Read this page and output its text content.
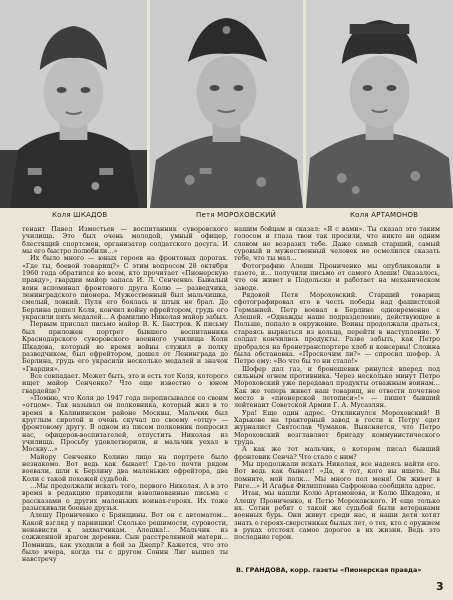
Коля ШКАДОВ	Петя МОРОХОВСКИЙ	Коля АРТАМОНОВ

тенант Павел Изместьев — воспитанник суворовского училища. Это был очень молодой, умный офицер, блестящий спортсмен, организатор солдатского досуга. И мы его быстро полюбили…»

Их было много — юных героев на фронтовых дорогах. «Где ты, боевой товарищ?» С этим вопросом 28 октября 1960 года обратился ко всем, кто прочитает «Пионерскую правду», гвардии майор запаса И. Л. Сенченко. Бывалый воин вспоминал фронтового друга Колю — разведчика, ленинградского пионера. Мужественный был мальчишка, смелый, ловкий. Пуля его боялась и штык не брал. До Берлина дошел Коля, кончил войну ефрейтором, грудь его украсили пять медалей… А фамилию Николая майор забыл.

Первым прислал письмо майор В. К. Быстров. К письму был приложен портрет бывшего воспитанника Краснодарского суворовского военного училища Коли Шкадова, который во время войны служил в полку разведчиком, был ефрейтором, дошел от Ленинграда до Берлина, грудь его украсили несколько медалей и значок «Гвардия».

Все совпадает. Может быть, это и есть тот Коля, которого ищет майор Сенченко? Что еще известно о юном гвардейце?

«Помню, что Коля до 1947 года переписывался со своим «отцом». Так называл он полковника, который жил в то время в Калининском районе Москвы. Мальчик был круглым сиротой и очень скучал по своему «отцу» — фронтовому другу. В одном из писем полковник попросил нас, офицеров-воспитателей, отпустить Николая из училища. Просьбу удовлетворили, и мальчик уехал в Москву…»

Майору Сенченко Колино лицо на портрете было незнакомо. Вот ведь как бывает! Где-то почти рядом воевали, шли к Берлину два маленьких ефрейтора, два Коли с такой похожей судьбой.

…Мы продолжали искать того, первого Николая. А в это время в редакцию приходили взволнованные письма с рассказами о других маленьких воинах-героях. Их тоже разыскивали боевые друзья.

Алешу Прониченко с Брянщины. Вот он с автоматом… Какой взгляд у парнишки! Сколько решимости, суровости, ненависти к захватчикам. Алешка!.. Мальчик из сожженной врагом деревни. Сын расстрелянной матери… Помнишь, как уходили в бой за Днепр? Кажется, что это было вчера, когда ты с другом Сонин Лиг вышел ты навстречу

нашим бойцам и сказал: «Я с вами». Ты сказал это таким голосом и глаза твои так просили, что никто ни одним словом не возразил тебе. Даже самый старший, самый суровый и мужественный человек не осмелился сказать тебе, что ты мал…

Фотографию Алеши Прониченко мы опубликовали в газете, и… получили письмо от самого Алеши! Оказалось, что он живет в Подольске и работает на механическом заводе.

Рядовой Петя Мороховский. Старший товарищ сфотографировал его в честь победы над фашистской Германией. Петр воевал в Берлине одновременно с Алешей. «Однажды наше подразделение, действующее в Польше, попало в окружение. Воины продолжали драться, стараясь вырваться из кольца, перейти в наступление. У солдат кончились продукты. Разве забыть, как Петро пробрался на бронетранспортере хлеб и консервы! Сложна была обстановка. «Проскочим ли?» — спросил шофер. А Петро ему: «Во что бы то ни стало!»

Шофер дал газ, и бронешевик ринулся вперед под сильным огнем противника. Через несколько минут Петро Мороховский уже передавал продукты отважным воинам… Как же теперь живет наш товарищ, не отвести почетное место в «пионерской летописи»!» — пишет бывший лейтенант Советской Армии Г. А. Мусаэлян.

Ура! Еще один адрес. Откликнулся Мороховский! В Харькове на тракторный завод в гости к Петру едет журналист Святослав Чумаков. Выясняется, что Петро Мороховский возглавляет бригаду коммунистического труда.

А как же тот мальчик, о котором писал бывший фронтовик Сенча? Что стало с ним?

Мы продолжали искать Николая, все надеясь найти его. Вот ведь как бывает! «Да, я тот, кого вы ищете. Вы помните, мой полк… Мы много пел меня! Он живет в Риге…» И Агафья Филипповна Сафронова сообщила адрес.

Итак, мы нашли Колю Артамонова, и Колю Шкадова, и Алешу Прониченко, и Петю Мороховского. И еще только их. Сотни ребят с такой же судьбой были ветеранами военных бурь. Они живут среди нас, и наши дети хотят знать о героях-сверстниках былых лет, о тех, кто с оружием в руках отстоял самое дорогое в их жизни. Ведь это последние герои.

В. ГРАНДОВА, корр. газеты «Пионерская правда»
3
